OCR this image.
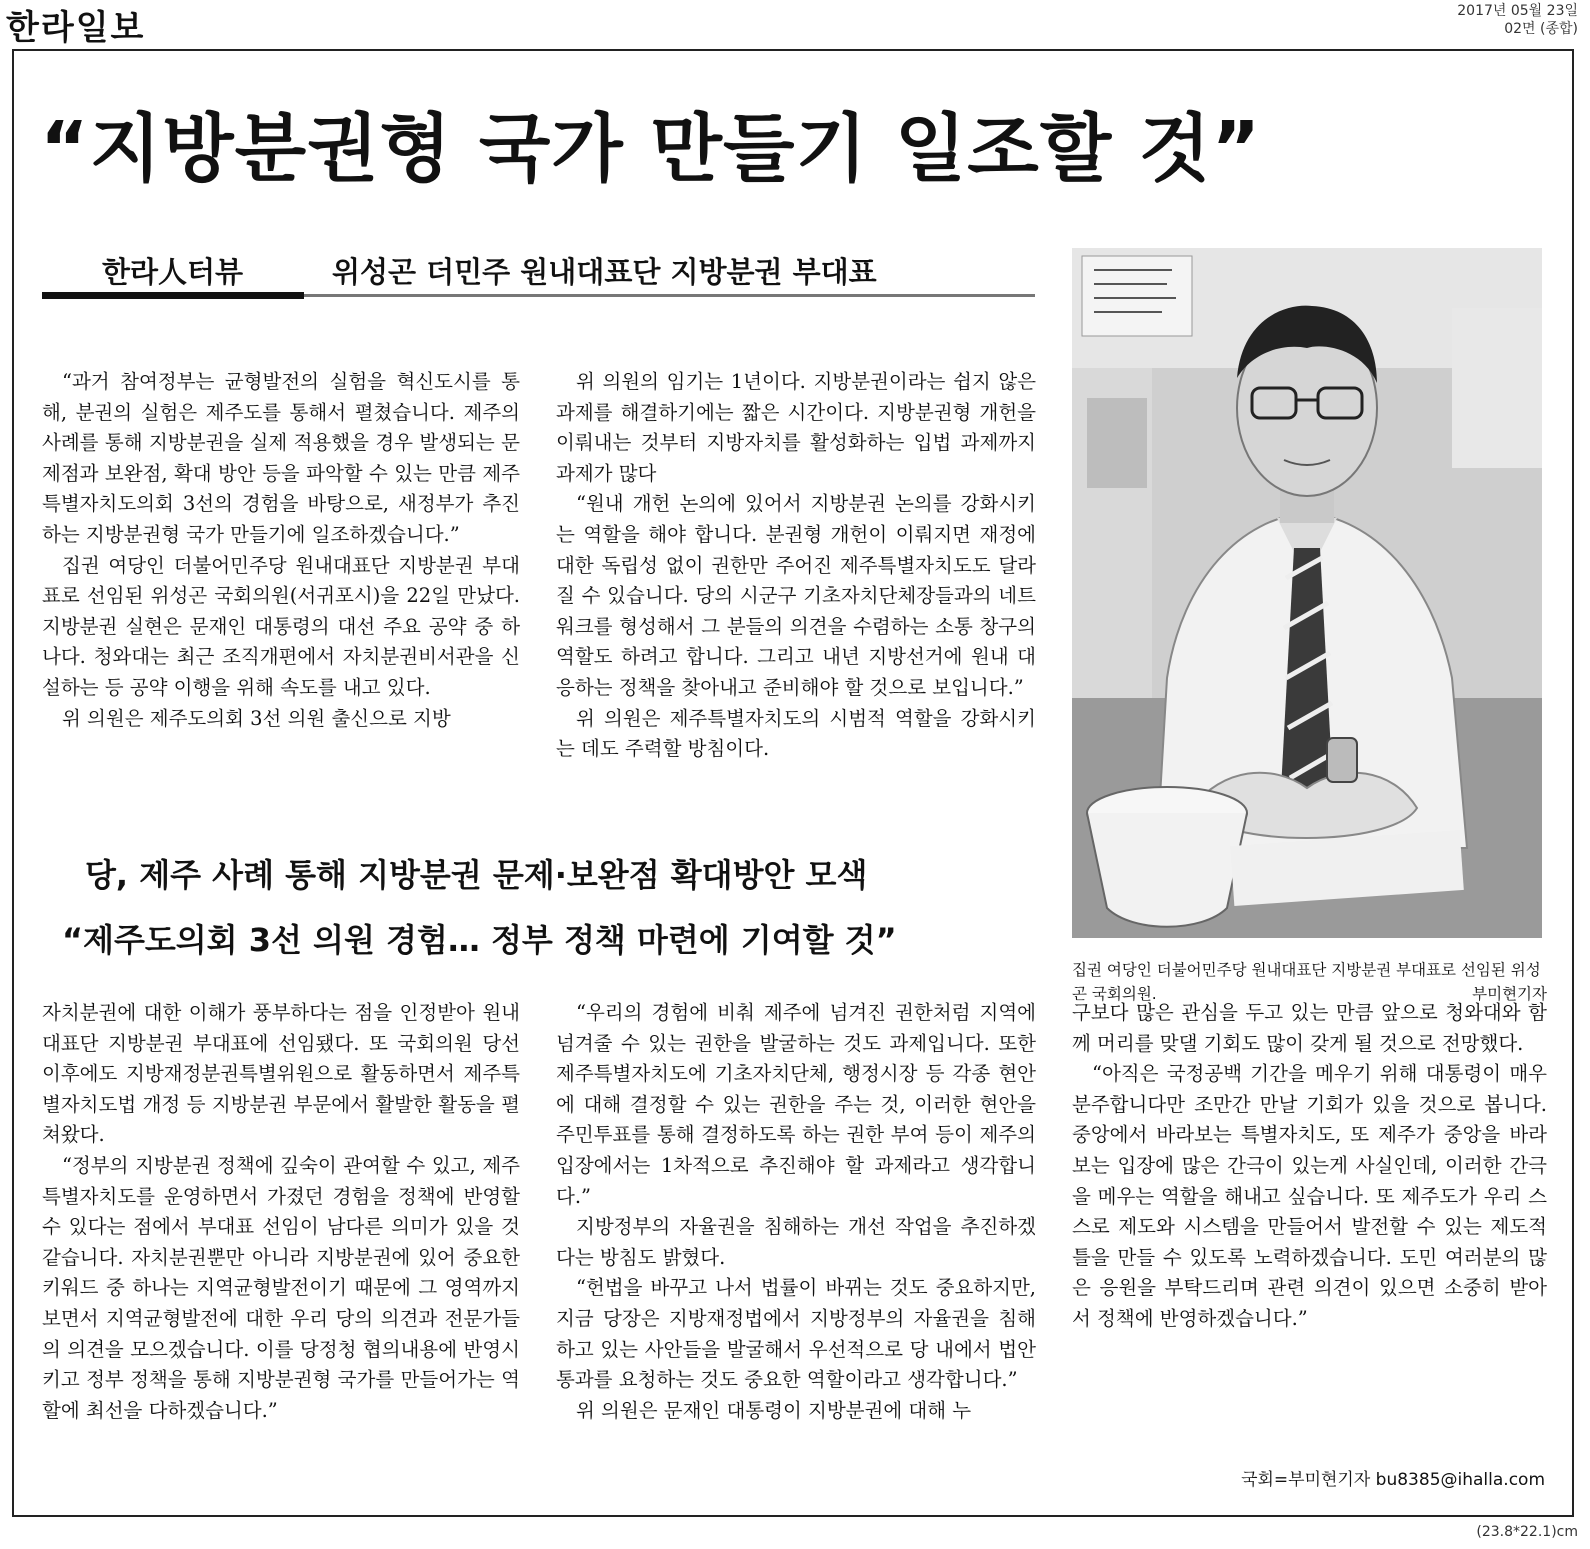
한라일보	2017년 05월 23일
02면 (종합)
“지방분권형 국가 만들기 일조할 것”
한라人터뷰	위성곤 더민주 원내대표단 지방분권 부대표

“과거 참여정부는 균형발전의 실험을 혁신도시를 통해, 분권의 실험은 제주도를 통해서 펼쳤습니다. 제주의 사례를 통해 지방분권을 실제 적용했을 경우 발생되는 문제점과 보완점, 확대 방안 등을 파악할 수 있는 만큼 제주특별자치도의회 3선의 경험을 바탕으로, 새정부가 추진하는 지방분권형 국가 만들기에 일조하겠습니다.”

집권 여당인 더불어민주당 원내대표단 지방분권 부대표로 선임된 위성곤 국회의원(서귀포시)을 22일 만났다. 지방분권 실현은 문재인 대통령의 대선 주요 공약 중 하나다. 청와대는 최근 조직개편에서 자치분권비서관을 신설하는 등 공약 이행을 위해 속도를 내고 있다.

위 의원은 제주도의회 3선 의원 출신으로 지방

위 의원의 임기는 1년이다. 지방분권이라는 쉽지 않은 과제를 해결하기에는 짧은 시간이다. 지방분권형 개헌을 이뤄내는 것부터 지방자치를 활성화하는 입법 과제까지 과제가 많다

“원내 개헌 논의에 있어서 지방분권 논의를 강화시키는 역할을 해야 합니다. 분권형 개헌이 이뤄지면 재정에 대한 독립성 없이 권한만 주어진 제주특별자치도도 달라질 수 있습니다. 당의 시군구 기초자치단체장들과의 네트워크를 형성해서 그 분들의 의견을 수렴하는 소통 창구의 역할도 하려고 합니다. 그리고 내년 지방선거에 원내 대응하는 정책을 찾아내고 준비해야 할 것으로 보입니다.”

위 의원은 제주특별자치도의 시범적 역할을 강화시키는 데도 주력할 방침이다.

당, 제주 사례 통해 지방분권 문제·보완점 확대방안 모색
“제주도의회 3선 의원 경험… 정부 정책 마련에 기여할 것”

자치분권에 대한 이해가 풍부하다는 점을 인정받아 원내대표단 지방분권 부대표에 선임됐다. 또 국회의원 당선 이후에도 지방재정분권특별위원으로 활동하면서 제주특별자치도법 개정 등 지방분권 부문에서 활발한 활동을 펼쳐왔다.

“정부의 지방분권 정책에 깊숙이 관여할 수 있고, 제주특별자치도를 운영하면서 가졌던 경험을 정책에 반영할 수 있다는 점에서 부대표 선임이 남다른 의미가 있을 것 같습니다. 자치분권뿐만 아니라 지방분권에 있어 중요한 키워드 중 하나는 지역균형발전이기 때문에 그 영역까지 보면서 지역균형발전에 대한 우리 당의 의견과 전문가들의 의견을 모으겠습니다. 이를 당정청 협의내용에 반영시키고 정부 정책을 통해 지방분권형 국가를 만들어가는 역할에 최선을 다하겠습니다.”

“우리의 경험에 비춰 제주에 넘겨진 권한처럼 지역에 넘겨줄 수 있는 권한을 발굴하는 것도 과제입니다. 또한 제주특별자치도에 기초자치단체, 행정시장 등 각종 현안에 대해 결정할 수 있는 권한을 주는 것, 이러한 현안을 주민투표를 통해 결정하도록 하는 권한 부여 등이 제주의 입장에서는 1차적으로 추진해야 할 과제라고 생각합니다.”

지방정부의 자율권을 침해하는 개선 작업을 추진하겠다는 방침도 밝혔다.

“헌법을 바꾸고 나서 법률이 바뀌는 것도 중요하지만, 지금 당장은 지방재정법에서 지방정부의 자율권을 침해하고 있는 사안들을 발굴해서 우선적으로 당 내에서 법안 통과를 요청하는 것도 중요한 역할이라고 생각합니다.”

위 의원은 문재인 대통령이 지방분권에 대해 누

집권 여당인 더불어민주당 원내대표단 지방분권 부대표로 선임된 위성곤 국회의원.	부미현기자

구보다 많은 관심을 두고 있는 만큼 앞으로 청와대와 함께 머리를 맞댈 기회도 많이 갖게 될 것으로 전망했다.

“아직은 국정공백 기간을 메우기 위해 대통령이 매우 분주합니다만 조만간 만날 기회가 있을 것으로 봅니다. 중앙에서 바라보는 특별자치도, 또 제주가 중앙을 바라보는 입장에 많은 간극이 있는게 사실인데, 이러한 간극을 메우는 역할을 해내고 싶습니다. 또 제주도가 우리 스스로 제도와 시스템을 만들어서 발전할 수 있는 제도적 틀을 만들 수 있도록 노력하겠습니다. 도민 여러분의 많은 응원을 부탁드리며 관련 의견이 있으면 소중히 받아서 정책에 반영하겠습니다.”

국회=부미현기자 bu8385@ihalla.com
(23.8*22.1)cm
